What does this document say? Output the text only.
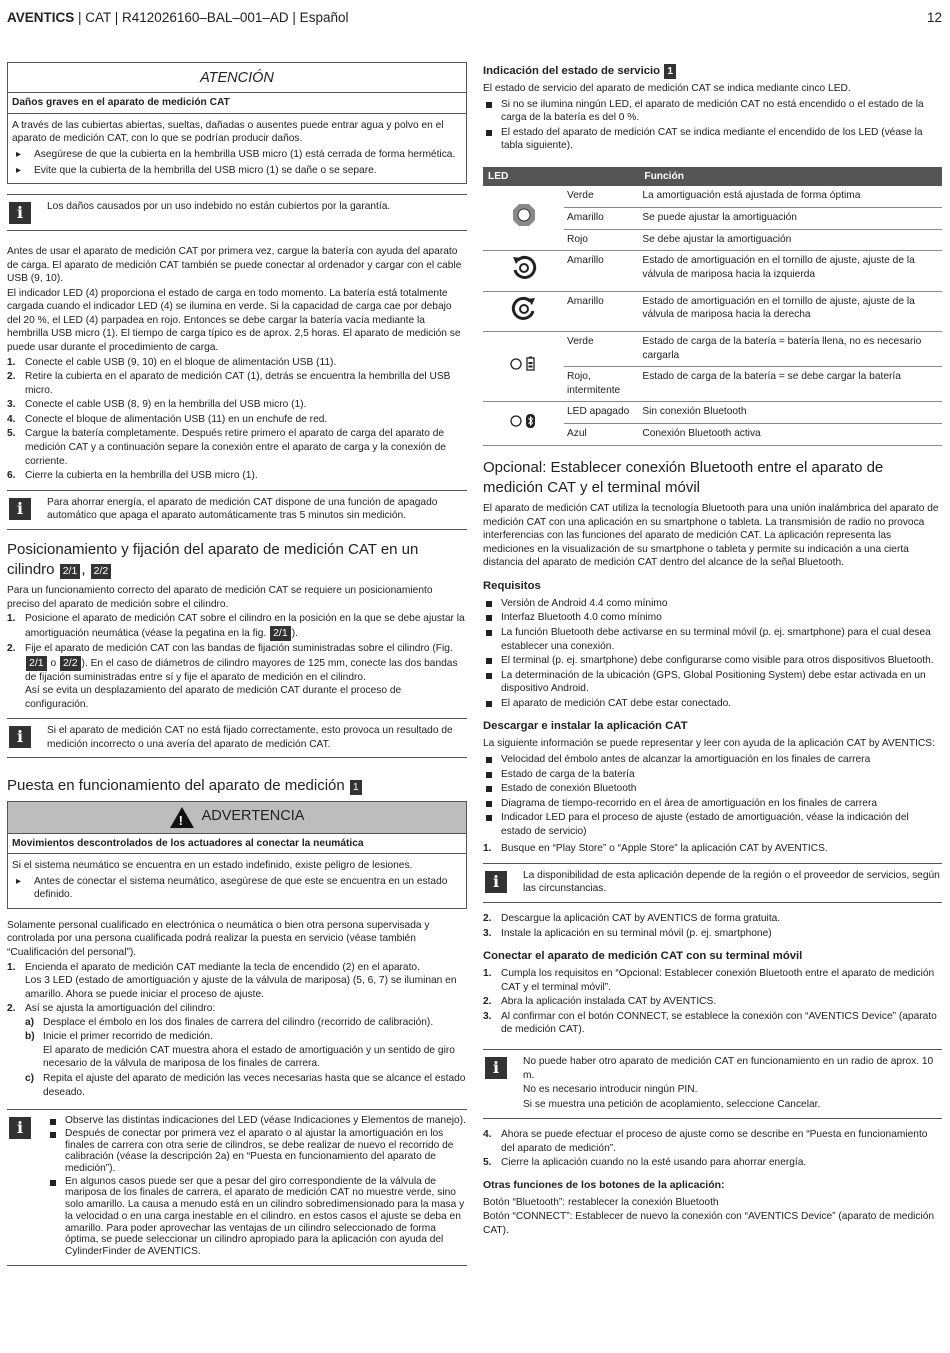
AVENTICS | CAT | R412026160–BAL–001–AD | Español	12
ATENCIÓN
Daños graves en el aparato de medición CAT

A través de las cubiertas abiertas, sueltas, dañadas o ausentes puede entrar agua y polvo en el aparato de medición CAT, con lo que se podrían producir daños.

▸ Asegúrese de que la cubierta en la hembrilla USB micro (1) está cerrada de forma hermética.
▸ Evite que la cubierta de la hembrilla del USB micro (1) se dañe o se separe.
i	Los daños causados por un uso indebido no están cubiertos por la garantía.

Antes de usar el aparato de medición CAT por primera vez, cargue la batería con ayuda del aparato de carga. El aparato de medición CAT también se puede conectar al ordenador y cargar con el cable USB (9, 10).

El indicador LED (4) proporciona el estado de carga en todo momento. La batería está totalmente cargada cuando el indicador LED (4) se ilumina en verde. Si la capacidad de carga cae por debajo del 20 %, el LED (4) parpadea en rojo. Entonces se debe cargar la batería vacía mediante la hembrilla USB micro (1). El tiempo de carga típico es de aprox. 2,5 horas. El aparato de medición se puede usar durante el procedimiento de carga.

1. Conecte el cable USB (9, 10) en el bloque de alimentación USB (11).
2. Retire la cubierta en el aparato de medición CAT (1), detrás se encuentra la hembrilla del USB micro.
3. Conecte el cable USB (8, 9) en la hembrilla del USB micro (1).
4. Conecte el bloque de alimentación USB (11) en un enchufe de red.
5. Cargue la batería completamente. Después retire primero el aparato de carga del aparato de medición CAT y a continuación separe la conexión entre el aparato de carga y la conexión de corriente.
6. Cierre la cubierta en la hembrilla del USB micro (1).
i	Para ahorrar energía, el aparato de medición CAT dispone de una función de apagado automático que apaga el aparato automáticamente tras 5 minutos sin medición.
Posicionamiento y fijación del aparato de medición CAT en un cilindro 2/1 , 2/2

Para un funcionamiento correcto del aparato de medición CAT se requiere un posicionamiento preciso del aparato de medición sobre el cilindro.

1. Posicione el aparato de medición CAT sobre el cilindro en la posición en la que se debe ajustar la amortiguación neumática (véase la pegatina en la fig. 2/1 ).
2. Fije el aparato de medición CAT con las bandas de fijación suministradas sobre el cilindro (Fig. 2/1 o 2/2 ). En el caso de diámetros de cilindro mayores de 125 mm, conecte las dos bandas de fijación suministradas entre sí y fije el aparato de medición en el cilindro.
Así se evita un desplazamiento del aparato de medición CAT durante el proceso de configuración.
i	Si el aparato de medición CAT no está fijado correctamente, esto provoca un resultado de medición incorrecto o una avería del aparato de medición CAT.
Puesta en funcionamiento del aparato de medición 1
! ADVERTENCIA
Movimientos descontrolados de los actuadores al conectar la neumática

Si el sistema neumático se encuentra en un estado indefinido, existe peligro de lesiones.

▸ Antes de conectar el sistema neumático, asegúrese de que este se encuentra en un estado definido.

Solamente personal cualificado en electrónica o neumática o bien otra persona supervisada y controlada por una persona cualificada podrá realizar la puesta en servicio (véase también “Cualificación del personal”).

1. Encienda el aparato de medición CAT mediante la tecla de encendido (2) en el aparato.
Los 3 LED (estado de amortiguación y ajuste de la válvula de mariposa) (5, 6, 7) se iluminan en amarillo. Ahora se puede iniciar el proceso de ajuste.
2. Así se ajusta la amortiguación del cilindro:
a) Desplace el émbolo en los dos finales de carrera del cilindro (recorrido de calibración).
b) Inicie el primer recorrido de medición.
El aparato de medición CAT muestra ahora el estado de amortiguación y un sentido de giro necesario de la válvula de mariposa de los finales de carrera.
c) Repita el ajuste del aparato de medición las veces necesarias hasta que se alcance el estado deseado.
i	Observe las distintas indicaciones del LED (véase Indicaciones y Elementos de manejo).
Después de conectar por primera vez el aparato o al ajustar la amortiguación en los finales de carrera con otra serie de cilindros, se debe realizar de nuevo el recorrido de calibración (véase la descripción 2a) en “Puesta en funcionamiento del aparato de medición”).
En algunos casos puede ser que a pesar del giro correspondiente de la válvula de mariposa de los finales de carrera, el aparato de medición CAT no muestre verde, sino solo amarillo. La causa a menudo está en un cilindro sobredimensionado para la masa y la velocidad o en una carga inestable en el cilindro. en estos casos el ajuste se deba en amarillo. Para poder aprovechar las ventajas de un cilindro seleccionado de forma óptima, se puede seleccionar un cilindro apropiado para la aplicación con ayuda del CylinderFinder de AVENTICS.
Indicación del estado de servicio 1

El estado de servicio del aparato de medición CAT se indica mediante cinco LED.

Si no se ilumina ningún LED, el aparato de medición CAT no está encendido o el estado de la carga de la batería es del 0 %.
El estado del aparato de medición CAT se indica mediante el encendido de los LED (véase la tabla siguiente).
LED		Función
	Verde	La amortiguación está ajustada de forma óptima
	Amarillo	Se puede ajustar la amortiguación
	Rojo	Se debe ajustar la amortiguación
	Amarillo	Estado de amortiguación en el tornillo de ajuste, ajuste de la válvula de mariposa hacia la izquierda
	Amarillo	Estado de amortiguación en el tornillo de ajuste, ajuste de la válvula de mariposa hacia la derecha
	Verde	Estado de carga de la batería = batería llena, no es necesario cargarla
	Rojo, intermitente	Estado de carga de la batería = se debe cargar la batería
	LED apagado	Sin conexión Bluetooth
	Azul	Conexión Bluetooth activa
Opcional: Establecer conexión Bluetooth entre el aparato de medición CAT y el terminal móvil

El aparato de medición CAT utiliza la tecnología Bluetooth para una unión inalámbrica del aparato de medición CAT con una aplicación en su smartphone o tableta. La transmisión de radio no provoca interferencias con las funciones del aparato de medición CAT. La aplicación representa las mediciones en la visualización de su smartphone o tableta y permite su indicación a una cierta distancia del aparato de medición CAT dentro del alcance de la señal Bluetooth.

Requisitos
Versión de Android 4.4 como mínimo
Interfaz Bluetooth 4.0 como mínimo
La función Bluetooth debe activarse en su terminal móvil (p. ej. smartphone) para el cual desea establecer una conexión.
El terminal (p. ej. smartphone) debe configurarse como visible para otros dispositivos Bluetooth.
La determinación de la ubicación (GPS, Global Positioning System) debe estar activada en un dispositivo Android.
El aparato de medición CAT debe estar conectado.
Descargar e instalar la aplicación CAT

La siguiente información se puede representar y leer con ayuda de la aplicación CAT by AVENTICS:

Velocidad del émbolo antes de alcanzar la amortiguación en los finales de carrera
Estado de carga de la batería
Estado de conexión Bluetooth
Diagrama de tiempo-recorrido en el área de amortiguación en los finales de carrera
Indicador LED para el proceso de ajuste (estado de amortiguación, véase la indicación del estado de servicio)
1. Busque en “Play Store” o “Apple Store” la aplicación CAT by AVENTICS.
i	La disponibilidad de esta aplicación depende de la región o el proveedor de servicios, según las circunstancias.
2. Descargue la aplicación CAT by AVENTICS de forma gratuita.
3. Instale la aplicación en su terminal móvil (p. ej. smartphone)
Conectar el aparato de medición CAT con su terminal móvil
1. Cumpla los requisitos en “Opcional: Establecer conexión Bluetooth entre el aparato de medición CAT y el terminal móvil”.
2. Abra la aplicación instalada CAT by AVENTICS.
3. Al confirmar con el botón CONNECT, se establece la conexión con “AVENTICS Device” (aparato de medición CAT).
i	No puede haber otro aparato de medición CAT en funcionamiento en un radio de aprox. 10 m.

No es necesario introducir ningún PIN.

Si se muestra una petición de acoplamiento, seleccione Cancelar.

4. Ahora se puede efectuar el proceso de ajuste como se describe en “Puesta en funcionamiento del aparato de medición”.
5. Cierre la aplicación cuando no la esté usando para ahorrar energía.
Otras funciones de los botones de la aplicación:

Botón “Bluetooth”: restablecer la conexión Bluetooth

Botón “CONNECT”: Establecer de nuevo la conexión con “AVENTICS Device” (aparato de medición CAT).
